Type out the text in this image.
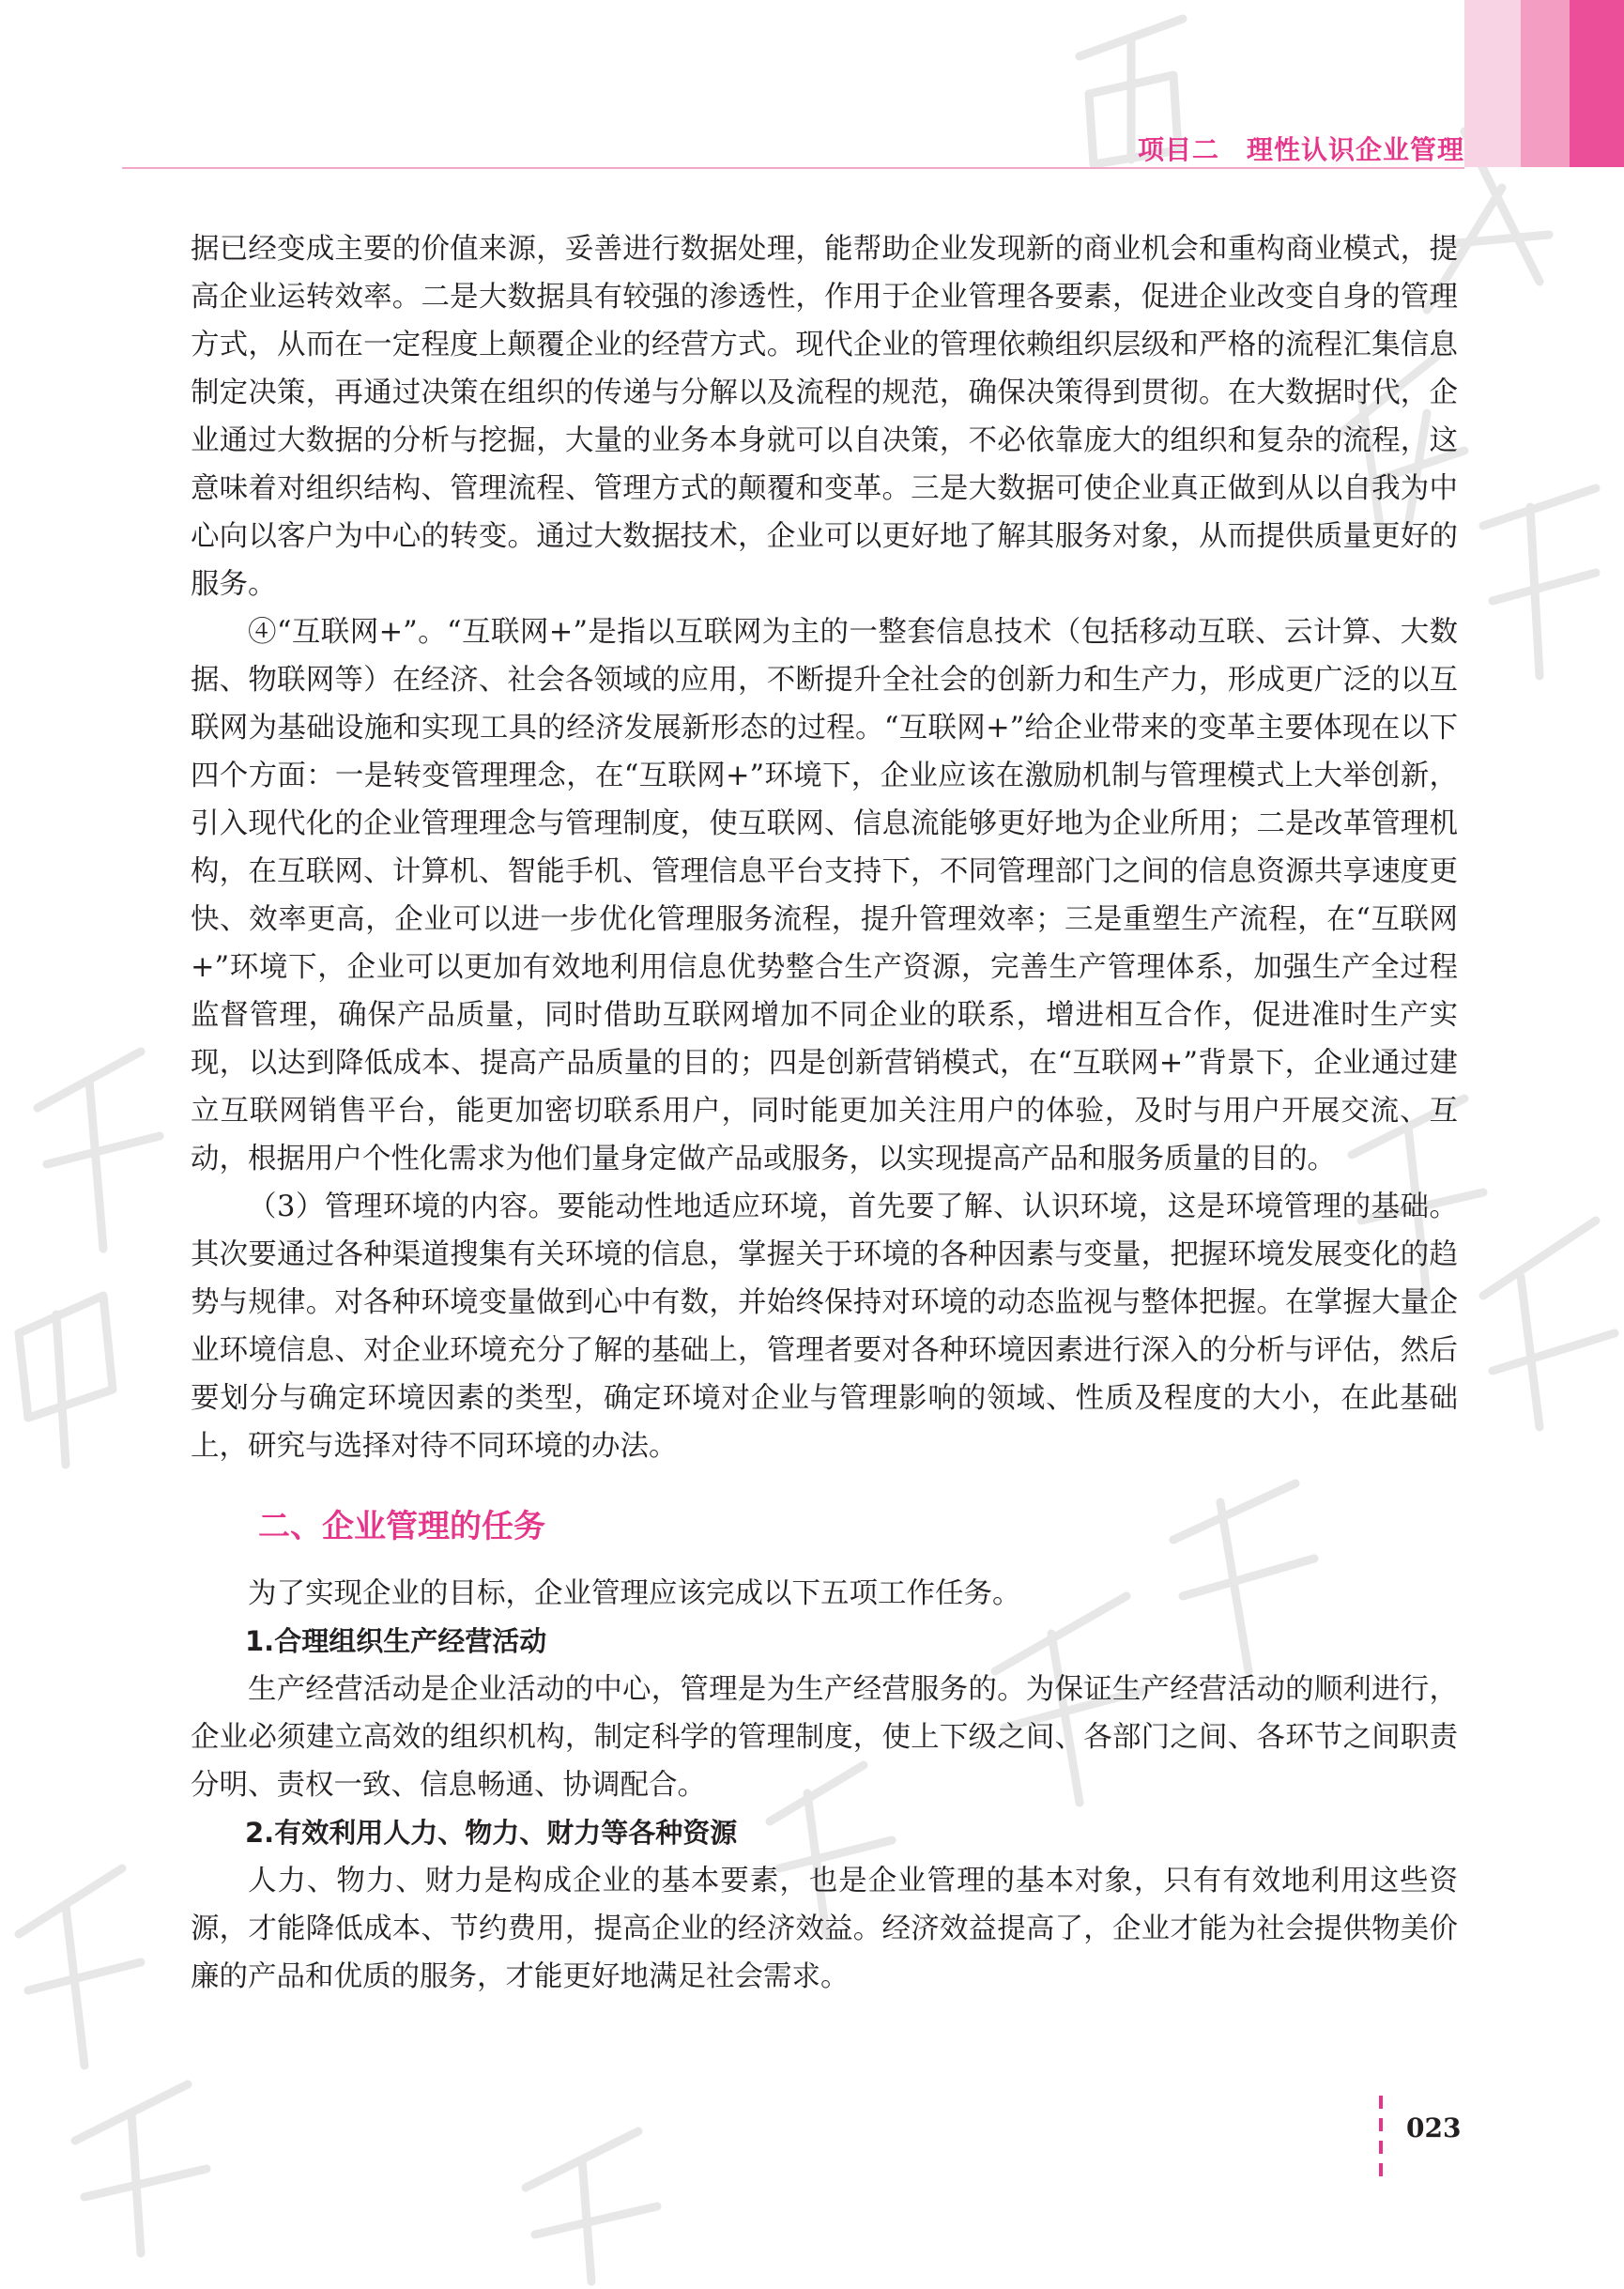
项目二　理性认识企业管理

据已经变成主要的价值来源，妥善进行数据处理，能帮助企业发现新的商业机会和重构商业模式，提高企业运转效率。二是大数据具有较强的渗透性，作用于企业管理各要素，促进企业改变自身的管理方式，从而在一定程度上颠覆企业的经营方式。现代企业的管理依赖组织层级和严格的流程汇集信息制定决策，再通过决策在组织的传递与分解以及流程的规范，确保决策得到贯彻。在大数据时代，企业通过大数据的分析与挖掘，大量的业务本身就可以自决策，不必依靠庞大的组织和复杂的流程，这意味着对组织结构、管理流程、管理方式的颠覆和变革。三是大数据可使企业真正做到从以自我为中心向以客户为中心的转变。通过大数据技术，企业可以更好地了解其服务对象，从而提供质量更好的服务。

④“互联网+”。“互联网+”是指以互联网为主的一整套信息技术（包括移动互联、云计算、大数据、物联网等）在经济、社会各领域的应用，不断提升全社会的创新力和生产力，形成更广泛的以互联网为基础设施和实现工具的经济发展新形态的过程。“互联网+”给企业带来的变革主要体现在以下四个方面：一是转变管理理念，在“互联网+”环境下，企业应该在激励机制与管理模式上大举创新，引入现代化的企业管理理念与管理制度，使互联网、信息流能够更好地为企业所用；二是改革管理机构，在互联网、计算机、智能手机、管理信息平台支持下，不同管理部门之间的信息资源共享速度更快、效率更高，企业可以进一步优化管理服务流程，提升管理效率；三是重塑生产流程，在“互联网+”环境下，企业可以更加有效地利用信息优势整合生产资源，完善生产管理体系，加强生产全过程监督管理，确保产品质量，同时借助互联网增加不同企业的联系，增进相互合作，促进准时生产实现，以达到降低成本、提高产品质量的目的；四是创新营销模式，在“互联网+”背景下，企业通过建立互联网销售平台，能更加密切联系用户，同时能更加关注用户的体验，及时与用户开展交流、互动，根据用户个性化需求为他们量身定做产品或服务，以实现提高产品和服务质量的目的。

（3）管理环境的内容。要能动性地适应环境，首先要了解、认识环境，这是环境管理的基础。其次要通过各种渠道搜集有关环境的信息，掌握关于环境的各种因素与变量，把握环境发展变化的趋势与规律。对各种环境变量做到心中有数，并始终保持对环境的动态监视与整体把握。在掌握大量企业环境信息、对企业环境充分了解的基础上，管理者要对各种环境因素进行深入的分析与评估，然后要划分与确定环境因素的类型，确定环境对企业与管理影响的领域、性质及程度的大小，在此基础上，研究与选择对待不同环境的办法。

二、企业管理的任务

为了实现企业的目标，企业管理应该完成以下五项工作任务。

1.合理组织生产经营活动

生产经营活动是企业活动的中心，管理是为生产经营服务的。为保证生产经营活动的顺利进行，企业必须建立高效的组织机构，制定科学的管理制度，使上下级之间、各部门之间、各环节之间职责分明、责权一致、信息畅通、协调配合。

2.有效利用人力、物力、财力等各种资源

人力、物力、财力是构成企业的基本要素，也是企业管理的基本对象，只有有效地利用这些资源，才能降低成本、节约费用，提高企业的经济效益。经济效益提高了，企业才能为社会提供物美价廉的产品和优质的服务，才能更好地满足社会需求。

023
